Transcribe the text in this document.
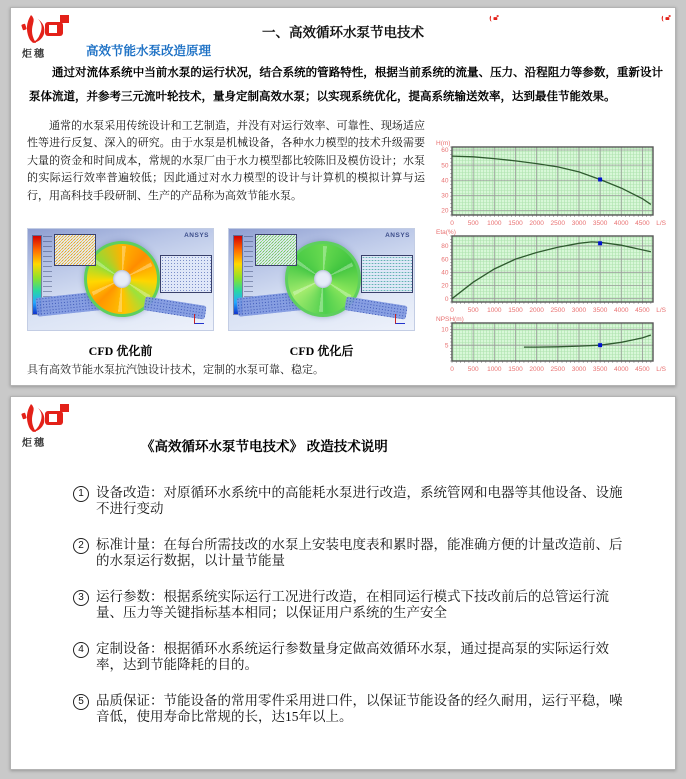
炬穗
一、高效循环水泵节电技术
高效节能水泵改造原理

通过对流体系统中当前水泵的运行状况，结合系统的管路特性，根据当前系统的流量、压力、沿程阻力等参数，重新设计泵体流道，并参考三元流叶轮技术，量身定制高效水泵；以实现系统优化，提高系统输送效率，达到最佳节能效果。

通常的水泵采用传统设计和工艺制造，并没有对运行效率、可靠性、现场适应性等进行反复、深入的研究。由于水泵是机械设备，各种水力模型的技术升级需要大量的资金和时间成本，常规的水泵厂由于水力模型都比较陈旧及模仿设计；水泵的实际运行效率普遍较低；因此通过对水力模型的设计与计算机的模拟计算与运行，用高科技手段研制、生产的产品称为高效节能水泵。

ANSYS	ANSYS
CFD 优化前	CFD 优化后
H(m)
20
30
40
50
60
0 500 1000 1500 2000 2500 3000 3500 4000 4500 L/S
Eta(%)
0
20
40
60
80
0 500 1000 1500 2000 2500 3000 3500 4000 4500 L/S
NPSH(m)
5
10
0 500 1000 1500 2000 2500 3000 3500 4000 4500 L/S

具有高效节能水泵抗汽蚀设计技术，定制的水泵可靠、稳定。

炬穗	《高效循环水泵节电技术》 改造技术说明
1 设备改造：对原循环水系统中的高能耗水泵进行改造，系统管网和电器等其他设备、设施不进行变动
2 标准计量：在每台所需技改的水泵上安装电度表和累时器，能准确方便的计量改造前、后的水泵运行数据，以计量节能量
3 运行参数：根据系统实际运行工况进行改造，在相同运行模式下技改前后的总管运行流量、压力等关键指标基本相同；以保证用户系统的生产安全
4 定制设备：根据循环水系统运行参数量身定做高效循环水泵，通过提高泵的实际运行效率，达到节能降耗的目的。
5 品质保证：节能设备的常用零件采用进口件，以保证节能设备的经久耐用，运行平稳，噪音低，使用寿命比常规的长，达15年以上。
